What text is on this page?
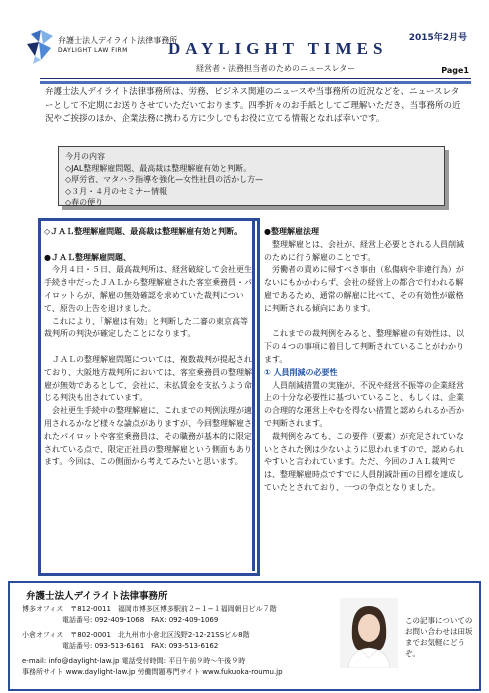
弁護士法人デイライト法律事務所
DAYLIGHT LAW FIRM
2015年2月号
DAYLIGHT TIMES
経営者・法務担当者のためのニュースレター	Page1
弁護士法人デイライト法律事務所は、労務、ビジネス関連のニュースや当事務所の近況などを、ニュースレターとして不定期にお送りさせていただいております。四季折々のお手紙としてご理解いただき、当事務所の近況やご挨拶のほか、企業法務に携わる方に少しでもお役に立てる情報となれば幸いです。
今月の内容
◇JAL整理解雇問題、最高裁は整理解雇有効と判断。
◇厚労省、マタハラ指導を強化—女性社員の活かし方—
◇３月・４月のセミナー情報
◇春の便り

◇ＪＡＬ整理解雇問題、最高裁は整理解雇有効と判断。

●ＪＡＬ整理解雇問題、

今月４日・５日、最高裁判所は、経営破綻して会社更生手続き中だったＪＡＬから整理解雇された客室乗務員・パイロットらが、解雇の無効確認を求めていた裁判について、原告の上告を退けました。

これにより、「解雇は有効」と判断した二審の東京高等裁判所の判決が確定したことになります。

ＪＡＬの整理解雇問題については、複数裁判が提起されており、大阪地方裁判所においては、客室乗務員の整理解雇が無効であるとして、会社に、未払賃金を支払うよう命じる判決も出されています。

会社更生手続中の整理解雇に、これまでの判例法理が適用されるかなど様々な論点がありますが、今回整理解雇されたパイロットや客室乗務員は、その職務が基本的に限定されている点で、限定正社員の整理解雇という側面もあります。今回は、この側面から考えてみたいと思います。

●整理解雇法理

整理解雇とは、会社が、経営上必要とされる人員削減のために行う解雇のことです。

労働者の責めに帰すべき事由（私傷病や非違行為）がないにもかかわらず、会社の経営上の都合で行われる解雇であるため、通常の解雇に比べて、その有効性が厳格に判断される傾向にあります。

これまでの裁判例をみると、整理解雇の有効性は、以下の４つの事項に着目して判断されていることがわかります。

① 人員削減の必要性

人員削減措置の実施が、不況や経営不振等の企業経営上の十分な必要性に基づいていること、もしくは、企業の合理的な運営上やむを得ない措置と認められるか否かで判断されます。

裁判例をみても、この要件（要素）が充足されていないとされた例は少ないように思われますので、認められやすいと言われています。ただ、今回のＪＡＬ裁判では、整理解雇時点ですでに人員削減計画の目標を達成していたとされており、一つの争点となりました。

弁護士法人デイライト法律事務所
博多オフィス　〒812-0011　福岡市博多区博多駅前２−１−１福岡朝日ビル７階
電話番号: 092-409-1068　FAX: 092-409-1069
小倉オフィス　〒802-0001　北九州市小倉北区浅野2-12-21SSビル8階
電話番号: 093-513-6161　FAX: 093-513-6162
e-mail: info@daylight-law.jp 電話受付時間: 平日午前９時〜午後９時
事務所サイト www.daylight-law.jp 労働問題専門サイト www.fukuoka-roumu.jp
この記事についてのお問い合わせは田坂までお気軽にどうぞ。
